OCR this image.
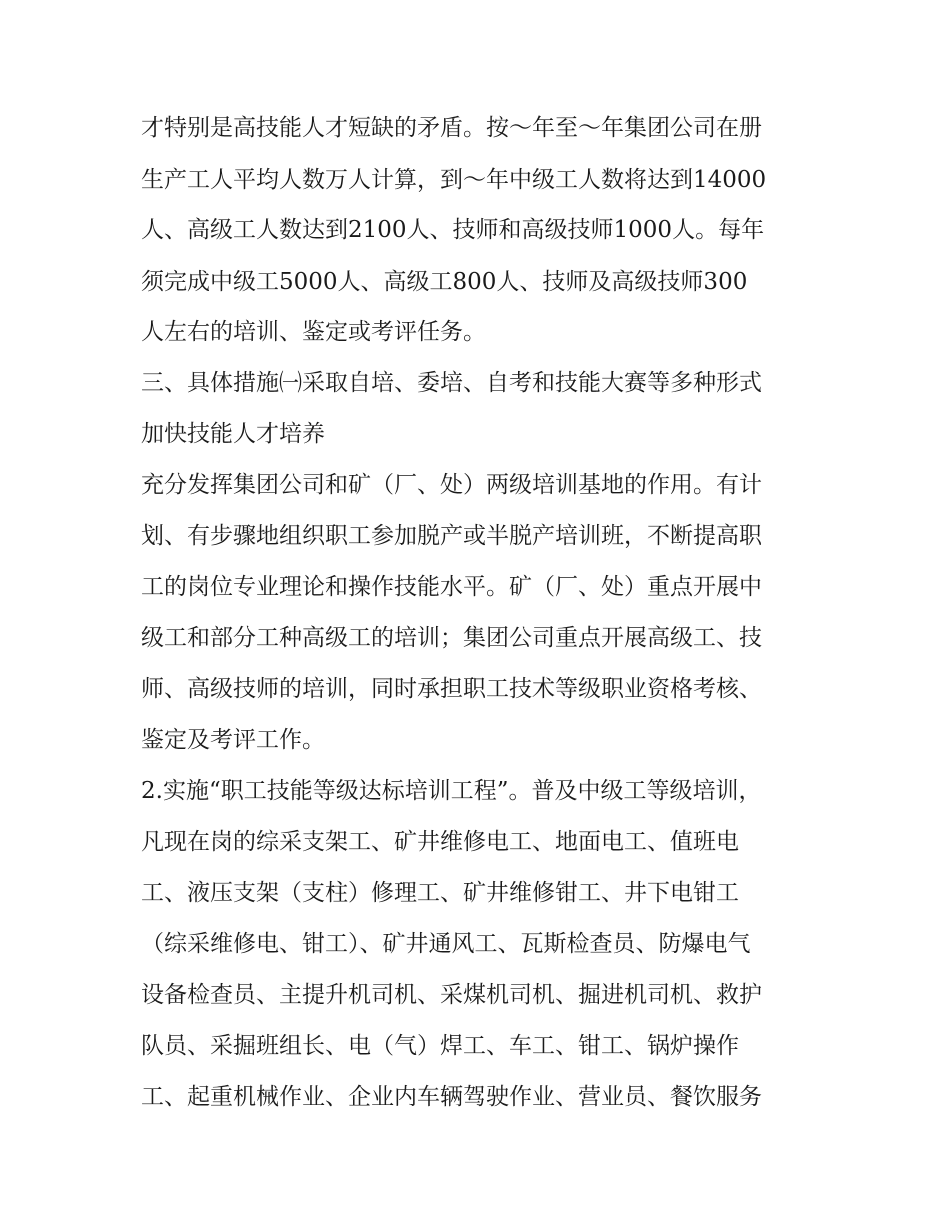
才特别是高技能人才短缺的矛盾。按～年至～年集团公司在册

生产工人平均人数万人计算，到～年中级工人数将达到14000

人、高级工人数达到2100人、技师和高级技师1000人。每年

须完成中级工5000人、高级工800人、技师及高级技师300

人左右的培训、鉴定或考评任务。

三、具体措施㈠采取自培、委培、自考和技能大赛等多种形式

加快技能人才培养

充分发挥集团公司和矿（厂、处）两级培训基地的作用。有计

划、有步骤地组织职工参加脱产或半脱产培训班，不断提高职

工的岗位专业理论和操作技能水平。矿（厂、处）重点开展中

级工和部分工种高级工的培训；集团公司重点开展高级工、技

师、高级技师的培训，同时承担职工技术等级职业资格考核、

鉴定及考评工作。

2.实施“职工技能等级达标培训工程”。普及中级工等级培训，

凡现在岗的综采支架工、矿井维修电工、地面电工、值班电

工、液压支架（支柱）修理工、矿井维修钳工、井下电钳工

（综采维修电、钳工）、矿井通风工、瓦斯检查员、防爆电气

设备检查员、主提升机司机、采煤机司机、掘进机司机、救护

队员、采掘班组长、电（气）焊工、车工、钳工、锅炉操作

工、起重机械作业、企业内车辆驾驶作业、营业员、餐饮服务
